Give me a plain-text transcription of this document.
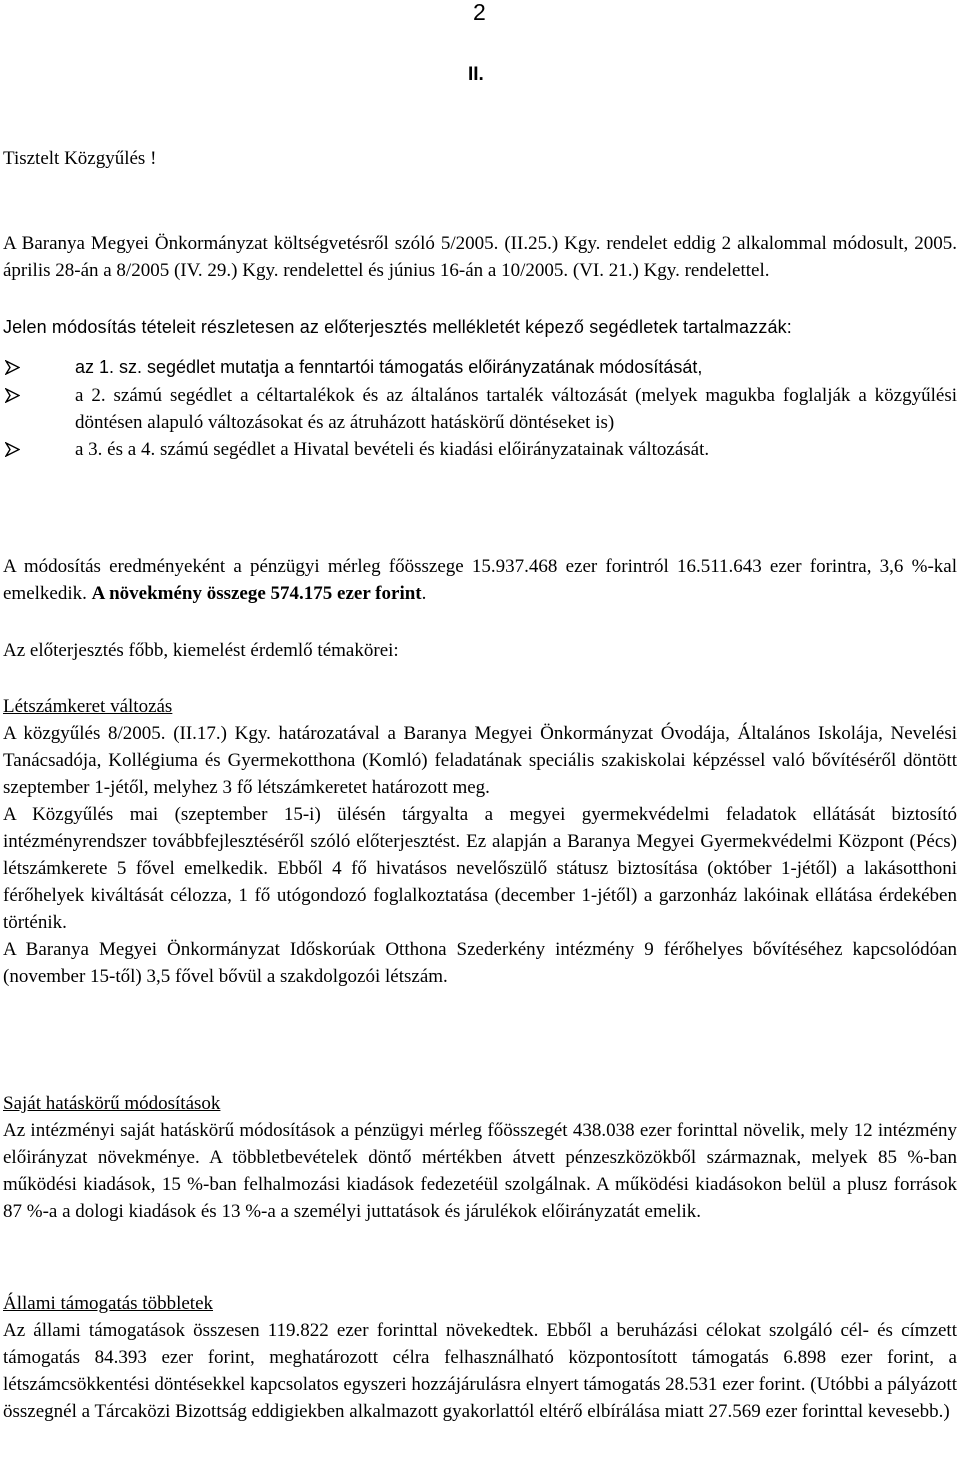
2
II.
Tisztelt Közgyűlés !
A Baranya Megyei Önkormányzat költségvetésről szóló 5/2005. (II.25.) Kgy. rendelet eddig 2 alkalommal módosult, 2005. április 28-án a 8/2005 (IV. 29.) Kgy. rendelettel és június 16-án a 10/2005. (VI. 21.) Kgy. rendelettel.
Jelen módosítás tételeit részletesen az előterjesztés mellékletét képező segédletek tartalmazzák:
az 1. sz. segédlet mutatja a fenntartói támogatás előirányzatának módosítását,
a 2. számú segédlet a céltartalékok és az általános tartalék változását (melyek magukba foglalják a közgyűlési döntésen alapuló változásokat és az átruházott hatáskörű döntéseket is)
a 3. és a 4. számú segédlet a Hivatal bevételi és kiadási előirányzatainak változását.
A módosítás eredményeként a pénzügyi mérleg főösszege 15.937.468 ezer forintról 16.511.643 ezer forintra, 3,6 %-kal emelkedik. A növekmény összege 574.175 ezer forint.
Az előterjesztés főbb, kiemelést érdemlő témakörei:
Létszámkeret változás
A közgyűlés 8/2005. (II.17.) Kgy. határozatával a Baranya Megyei Önkormányzat Óvodája, Általános Iskolája, Nevelési Tanácsadója, Kollégiuma és Gyermekotthona (Komló) feladatának speciális szakiskolai képzéssel való bővítéséről döntött szeptember 1-jétől, melyhez 3 fő létszámkeretet határozott meg.
A Közgyűlés mai (szeptember 15-i) ülésén tárgyalta a megyei gyermekvédelmi feladatok ellátását biztosító intézményrendszer továbbfejlesztéséről szóló előterjesztést. Ez alapján a Baranya Megyei Gyermekvédelmi Központ (Pécs) létszámkerete 5 fővel emelkedik. Ebből 4 fő hivatásos nevelőszülő státusz biztosítása (október 1-jétől) a lakásotthoni férőhelyek kiváltását célozza, 1 fő utógondozó foglalkoztatása (december 1-jétől) a garzonház lakóinak ellátása érdekében történik.
A Baranya Megyei Önkormányzat Időskorúak Otthona Szederkény intézmény 9 férőhelyes bővítéséhez kapcsolódóan (november 15-től) 3,5 fővel bővül a szakdolgozói létszám.
Saját hatáskörű módosítások
Az intézményi saját hatáskörű módosítások a pénzügyi mérleg főösszegét 438.038 ezer forinttal növelik, mely 12 intézmény előirányzat növekménye. A többletbevételek döntő mértékben átvett pénzeszközökből származnak, melyek 85 %-ban működési kiadások, 15 %-ban felhalmozási kiadások fedezetéül szolgálnak. A működési kiadásokon belül a plusz források 87 %-a a dologi kiadások és 13 %-a a személyi juttatások és járulékok előirányzatát emelik.
Állami támogatás többletek
Az állami támogatások összesen 119.822 ezer forinttal növekedtek. Ebből a beruházási célokat szolgáló cél- és címzett támogatás 84.393 ezer forint, meghatározott célra felhasználható központosított támogatás 6.898 ezer forint, a létszámcsökkentési döntésekkel kapcsolatos egyszeri hozzájárulásra elnyert támogatás 28.531 ezer forint. (Utóbbi a pályázott összegnél a Tárcaközi Bizottság eddigiekben alkalmazott gyakorlattól eltérő elbírálása miatt 27.569 ezer forinttal kevesebb.)
